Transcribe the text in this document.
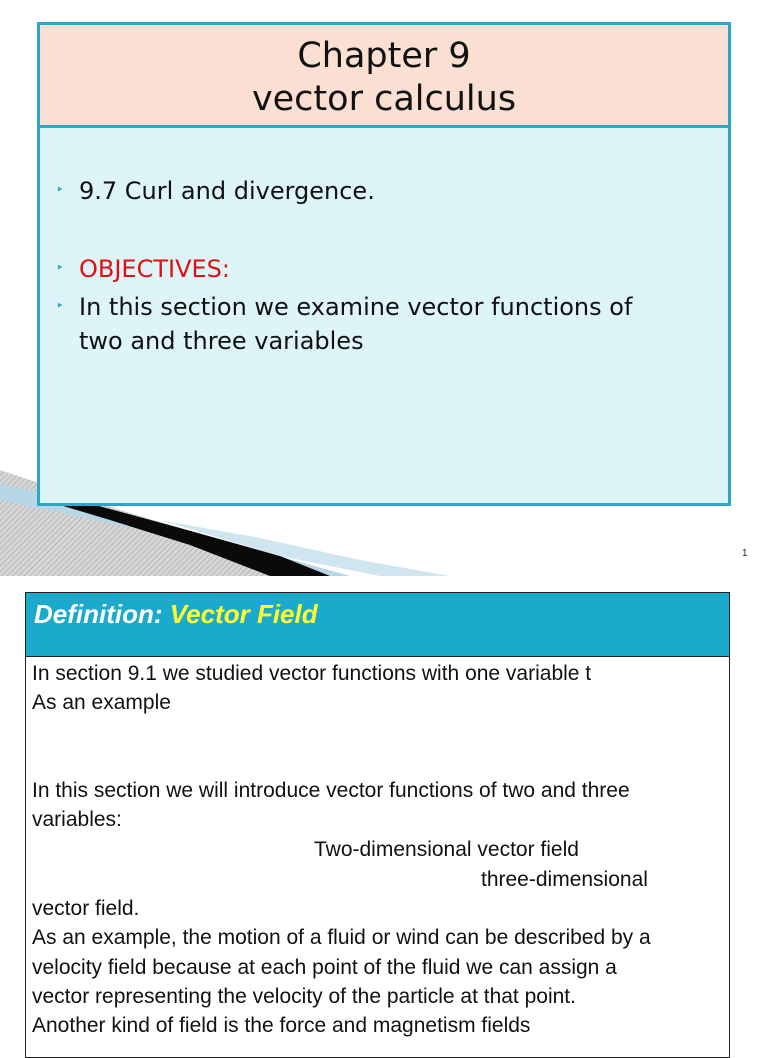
Chapter 9
vector calculus
‣ 9.7 Curl and divergence.
‣ OBJECTIVES:
‣ In this section we examine vector functions of
two and three variables
1
Definition: Vector Field
In section 9.1 we studied vector functions with one variable t
As an example
In this section we will introduce vector functions of two and three
variables:
Two-dimensional vector field
three-dimensional
vector field.
As an example, the motion of a fluid or wind can be described by a
velocity field because at each point of the fluid we can assign a
vector representing the velocity of the particle at that point.
Another kind of field is the force and magnetism fields
